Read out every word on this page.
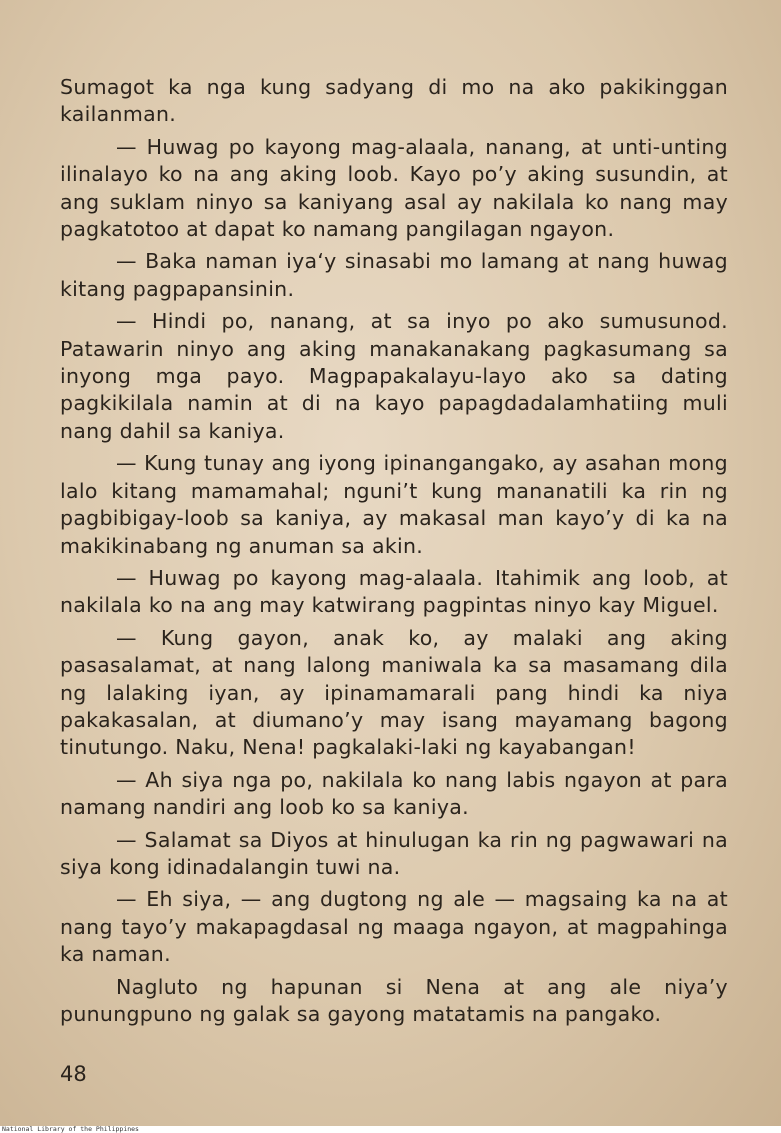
Sumagot ka nga kung sadyang di mo na ako pakikinggan kailanman.

— Huwag po kayong mag-alaala, nanang, at unti-unting ilinalayo ko na ang aking loob. Kayo po’y aking susundin, at ang suklam ninyo sa kaniyang asal ay nakilala ko nang may pagkatotoo at dapat ko namang pangilagan ngayon.

— Baka naman iya‘y sinasabi mo lamang at nang huwag kitang pagpapansinin.

— Hindi po, nanang, at sa inyo po ako sumusunod. Patawarin ninyo ang aking manakanakang pagkasumang sa inyong mga payo. Magpapakalayu-layo ako sa dating pagkikilala namin at di na kayo papagdadalamhatiing muli nang dahil sa kaniya.

— Kung tunay ang iyong ipinangangako, ay asahan mong lalo kitang mamamahal; nguni’t kung mananatili ka rin ng pagbibigay-loob sa kaniya, ay makasal man kayo’y di ka na makikinabang ng anuman sa akin.

— Huwag po kayong mag-alaala. Itahimik ang loob, at nakilala ko na ang may katwirang pagpintas ninyo kay Miguel.

— Kung gayon, anak ko, ay malaki ang aking pasasalamat, at nang lalong maniwala ka sa masamang dila ng lalaking iyan, ay ipinamamarali pang hindi ka niya pakakasalan, at diumano’y may isang mayamang bagong tinutungo. Naku, Nena! pagkalaki-laki ng kayabangan!

— Ah siya nga po, nakilala ko nang labis ngayon at para namang nandiri ang loob ko sa kaniya.

— Salamat sa Diyos at hinulugan ka rin ng pagwawari na siya kong idinadalangin tuwi na.

— Eh siya, — ang dugtong ng ale — magsaing ka na at nang tayo’y makapagdasal ng maaga ngayon, at magpahinga ka naman.

Nagluto ng hapunan si Nena at ang ale niya’y punungpuno ng galak sa gayong matatamis na pangako.

48
National Library of the Philippines
